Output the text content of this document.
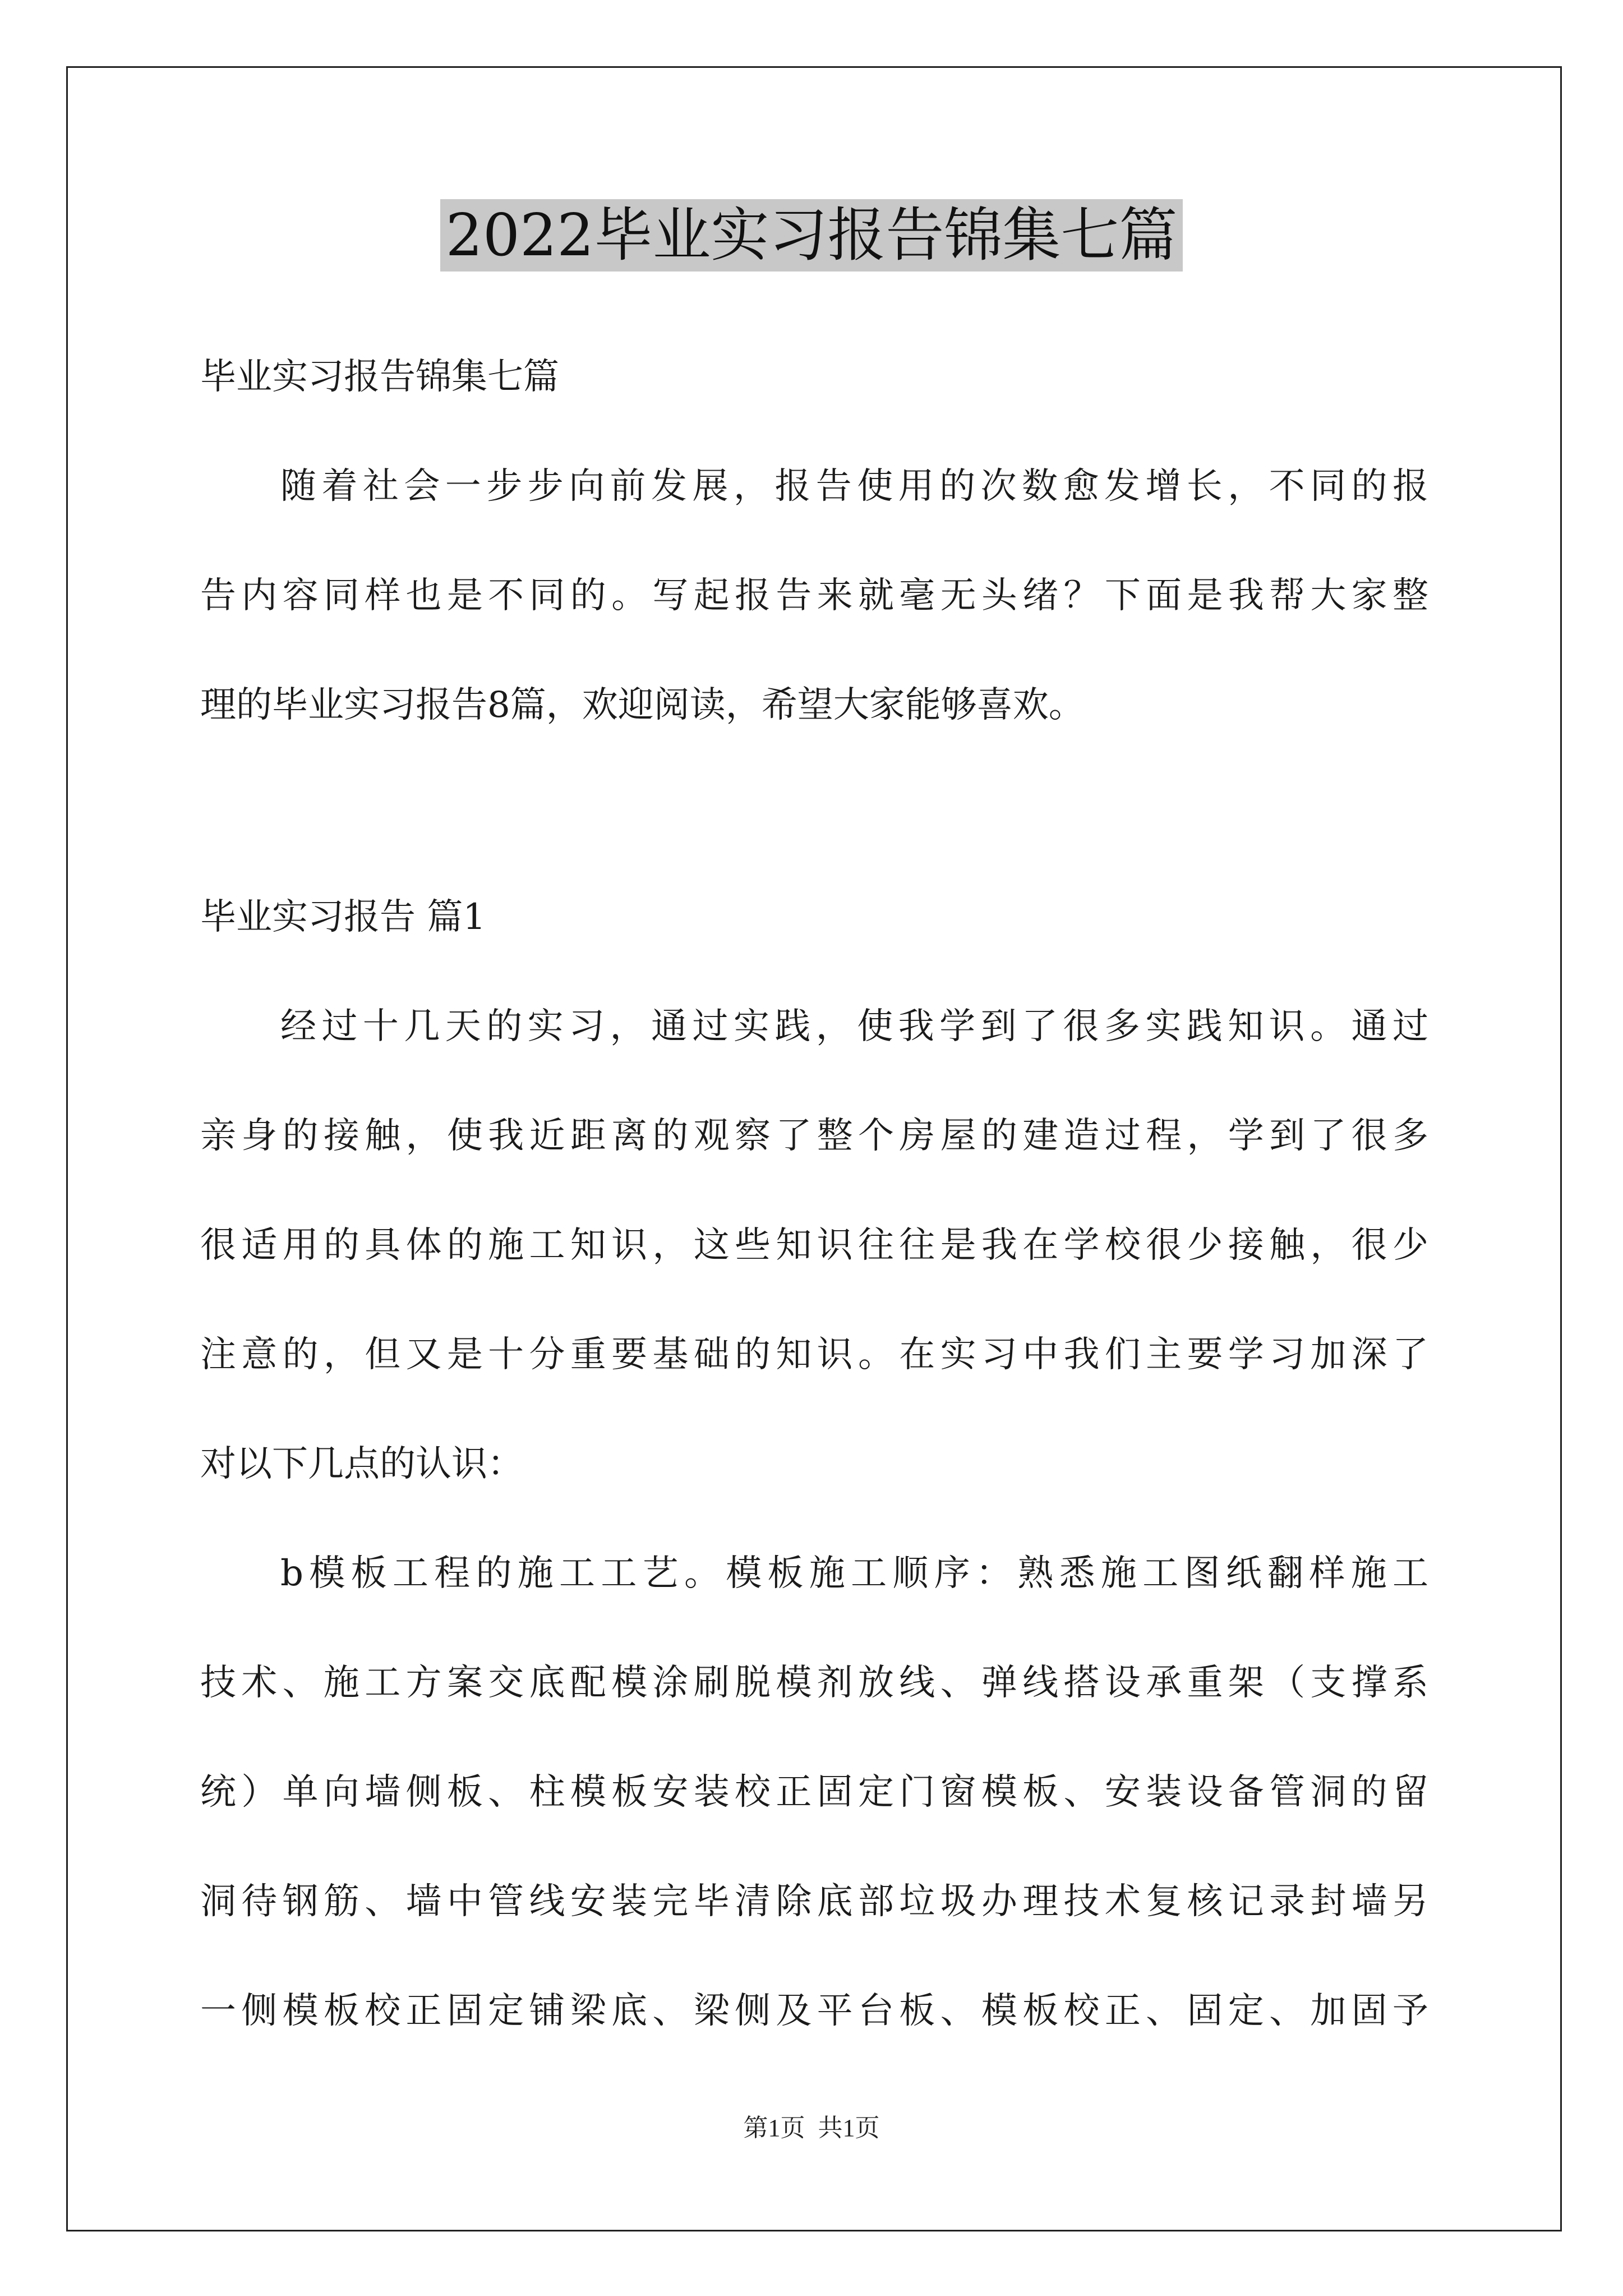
2022毕业实习报告锦集七篇
毕业实习报告锦集七篇
随着社会一步步向前发展，报告使用的次数愈发增长，不同的报
告内容同样也是不同的。写起报告来就毫无头绪？下面是我帮大家整
理的毕业实习报告8篇，欢迎阅读，希望大家能够喜欢。
毕业实习报告 篇1
经过十几天的实习，通过实践，使我学到了很多实践知识。通过
亲身的接触，使我近距离的观察了整个房屋的建造过程，学到了很多
很适用的具体的施工知识，这些知识往往是我在学校很少接触，很少
注意的，但又是十分重要基础的知识。在实习中我们主要学习加深了
对以下几点的认识：
b模板工程的施工工艺。模板施工顺序：熟悉施工图纸翻样施工
技术、施工方案交底配模涂刷脱模剂放线、弹线搭设承重架（支撑系
统）单向墙侧板、柱模板安装校正固定门窗模板、安装设备管洞的留
洞待钢筋、墙中管线安装完毕清除底部垃圾办理技术复核记录封墙另
一侧模板校正固定铺梁底、梁侧及平台板、模板校正、固定、加固予
第1页 共1页
